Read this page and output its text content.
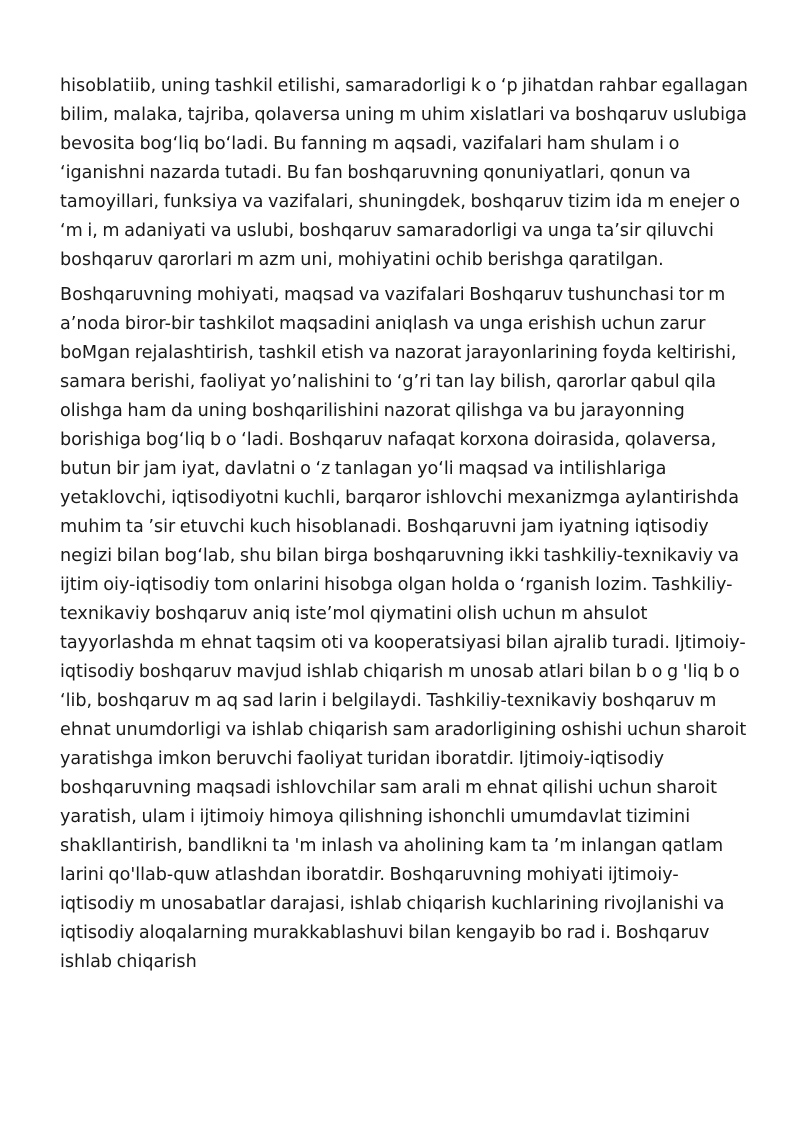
hisoblatiib, uning tashkil etilishi, samaradorligi k o ‘p jihatdan rahbar egallagan
bilim, malaka, tajriba, qolaversa uning m uhim xislatlari va boshqaruv uslubiga
bevosita bog‘liq bo‘ladi. Bu fanning m aqsadi, vazifalari ham shulam i o
‘iganishni nazarda tutadi. Bu fan boshqaruvning qonuniyatlari, qonun va
tamoyillari, funksiya va vazifalari, shuningdek, boshqaruv tizim ida m enejer o
‘m i, m adaniyati va uslubi, boshqaruv samaradorligi va unga ta’sir qiluvchi
boshqaruv qarorlari m azm uni, mohiyatini ochib berishga qaratilgan.

Boshqaruvning mohiyati, maqsad va vazifalari Boshqaruv tushunchasi tor m
a’noda biror-bir tashkilot maqsadini aniqlash va unga erishish uchun zarur
boMgan rejalashtirish, tashkil etish va nazorat jarayonlarining foyda keltirishi,
samara berishi, faoliyat yo’nalishini to ‘g’ri tan lay bilish, qarorlar qabul qila
olishga ham da uning boshqarilishini nazorat qilishga va bu jarayonning
borishiga bog‘liq b o ‘ladi. Boshqaruv nafaqat korxona doirasida, qolaversa,
butun bir jam iyat, davlatni o ‘z tanlagan yo‘li maqsad va intilishlariga
yetaklovchi, iqtisodiyotni kuchli, barqaror ishlovchi mexanizmga aylantirishda
muhim ta ’sir etuvchi kuch hisoblanadi. Boshqaruvni jam iyatning iqtisodiy
negizi bilan bog‘lab, shu bilan birga boshqaruvning ikki tashkiliy-texnikaviy va
ijtim oiy-iqtisodiy tom onlarini hisobga olgan holda o ‘rganish lozim. Tashkiliy-
texnikaviy boshqaruv aniq iste’mol qiymatini olish uchun m ahsulot
tayyorlashda m ehnat taqsim oti va kooperatsiyasi bilan ajralib turadi. Ijtimoiy-
iqtisodiy boshqaruv mavjud ishlab chiqarish m unosab atlari bilan b o g 'liq b o
‘lib, boshqaruv m aq sad larin i belgilaydi. Tashkiliy-texnikaviy boshqaruv m
ehnat unumdorligi va ishlab chiqarish sam aradorligining oshishi uchun sharoit
yaratishga imkon beruvchi faoliyat turidan iboratdir. Ijtimoiy-iqtisodiy
boshqaruvning maqsadi ishlovchilar sam arali m ehnat qilishi uchun sharoit
yaratish, ulam i ijtimoiy himoya qilishning ishonchli umumdavlat tizimini
shakllantirish, bandlikni ta 'm inlash va aholining kam ta ’m inlangan qatlam
larini qo'llab-quw atlashdan iboratdir. Boshqaruvning mohiyati ijtimoiy-
iqtisodiy m unosabatlar darajasi, ishlab chiqarish kuchlarining rivojlanishi va
iqtisodiy aloqalarning murakkablashuvi bilan kengayib bo rad i. Boshqaruv
ishlab chiqarish
